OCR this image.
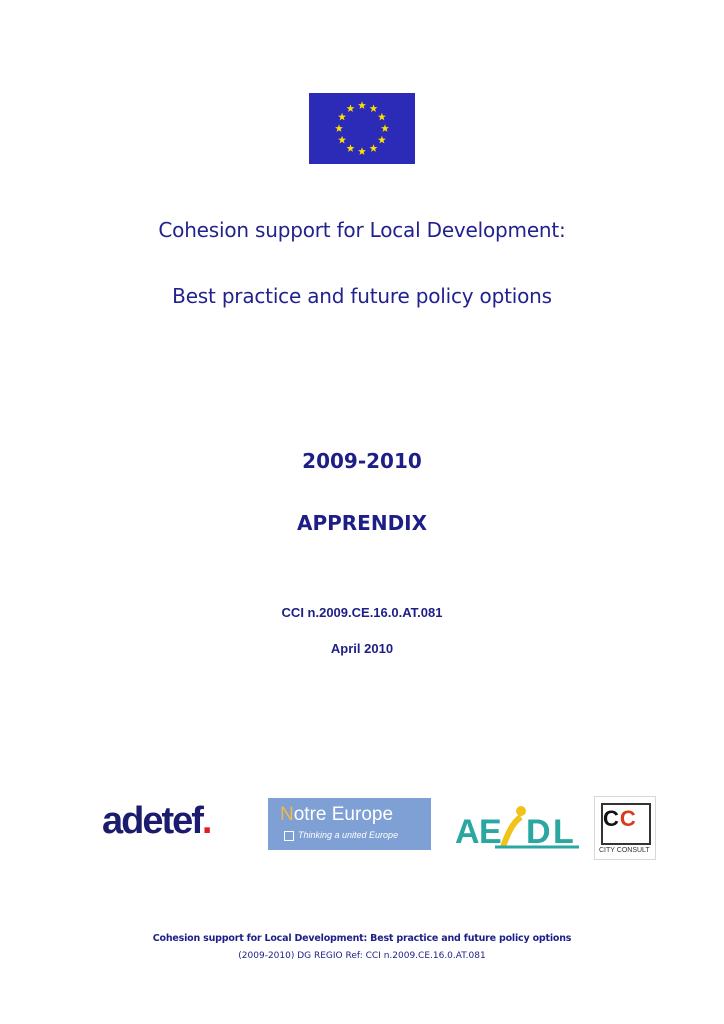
Cohesion support for Local Development:
Best practice and future policy options
2009-2010
APPRENDIX
CCI n.2009.CE.16.0.AT.081
April 2010
adetef.	Notre Europe
Thinking a united Europe A E D L CC
CITY CONSULT
Cohesion support for Local Development: Best practice and future policy options
(2009-2010) DG REGIO Ref: CCI n.2009.CE.16.0.AT.081
